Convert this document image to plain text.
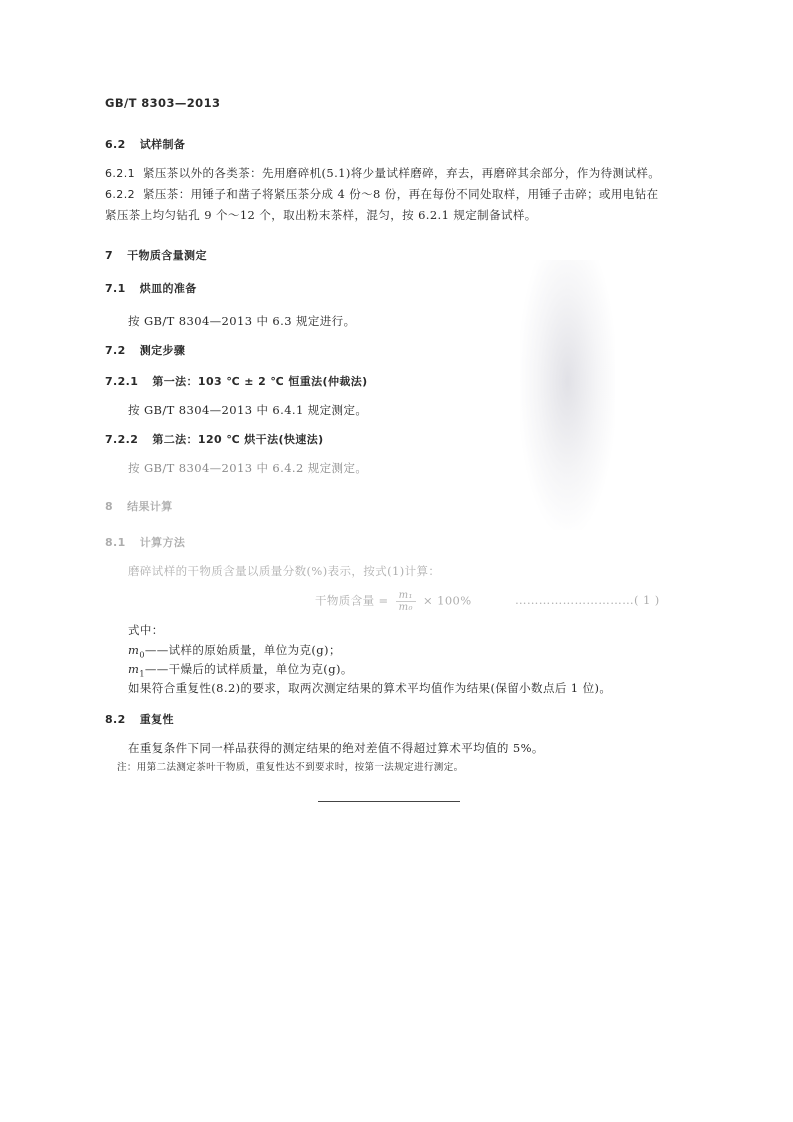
GB/T 8303—2013
6.2 试样制备
6.2.1 紧压茶以外的各类茶：先用磨碎机(5.1)将少量试样磨碎，弃去，再磨碎其余部分，作为待测试样。
6.2.2 紧压茶：用锤子和凿子将紧压茶分成 4 份～8 份，再在每份不同处取样，用锤子击碎；或用电钻在
紧压茶上均匀钻孔 9 个～12 个，取出粉末茶样，混匀，按 6.2.1 规定制备试样。
7 干物质含量测定
7.1 烘皿的准备
按 GB/T 8304—2013 中 6.3 规定进行。
7.2 测定步骤
7.2.1 第一法：103 ℃ ± 2 ℃ 恒重法(仲裁法)
按 GB/T 8304—2013 中 6.4.1 规定测定。
7.2.2 第二法：120 ℃ 烘干法(快速法)
按 GB/T 8304—2013 中 6.4.2 规定测定。
8 结果计算
8.1 计算方法
磨碎试样的干物质含量以质量分数(%)表示，按式(1)计算：
干物质含量 = $\frac{\text{m₁}}{\text{m₀}} \times 100\%$	…………………………( 1 )
式中：
$m_0——$试样的原始质量，单位为克(g)；
$m_1——$干燥后的试样质量，单位为克(g)。
如果符合重复性(8.2)的要求，取两次测定结果的算术平均值作为结果(保留小数点后 1 位)。
8.2 重复性
在重复条件下同一样品获得的测定结果的绝对差值不得超过算术平均值的 5%。
注：用第二法测定茶叶干物质，重复性达不到要求时，按第一法规定进行测定。
